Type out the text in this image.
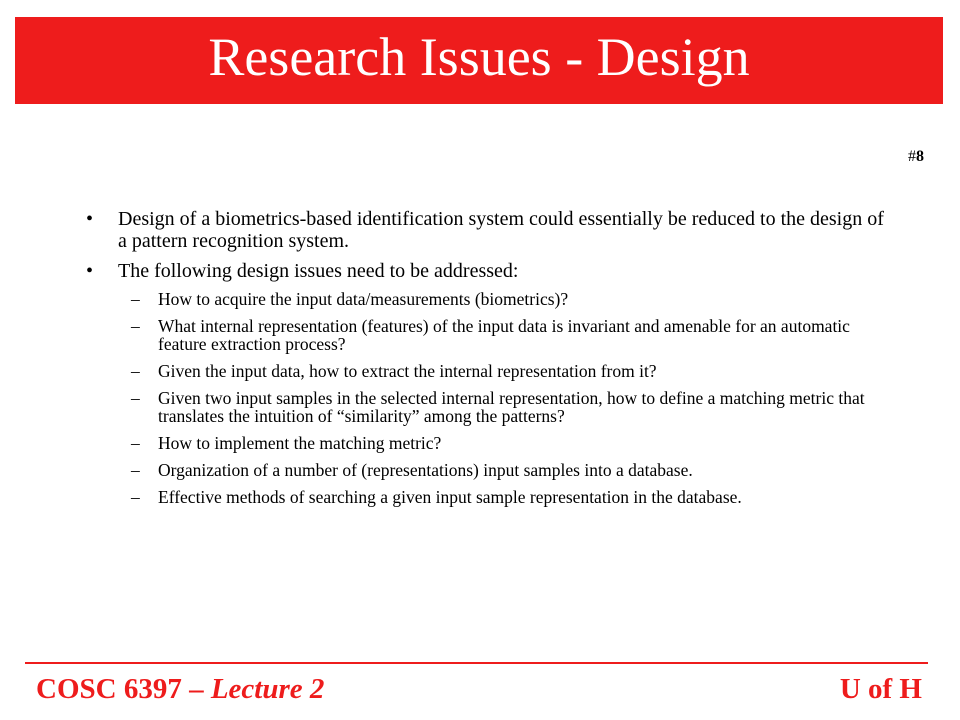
Research Issues - Design
#8
• Design of a biometrics-based identification system could essentially be reduced to the design of a pattern recognition system.
• The following design issues need to be addressed:
– How to acquire the input data/measurements (biometrics)?
– What internal representation (features) of the input data is invariant and amenable for an automatic feature extraction process?
– Given the input data, how to extract the internal representation from it?
– Given two input samples in the selected internal representation, how to define a matching metric that translates the intuition of “similarity” among the patterns?
– How to implement the matching metric?
– Organization of a number of (representations) input samples into a database.
– Effective methods of searching a given input sample representation in the database.
COSC 6397 – Lecture 2	U of H
